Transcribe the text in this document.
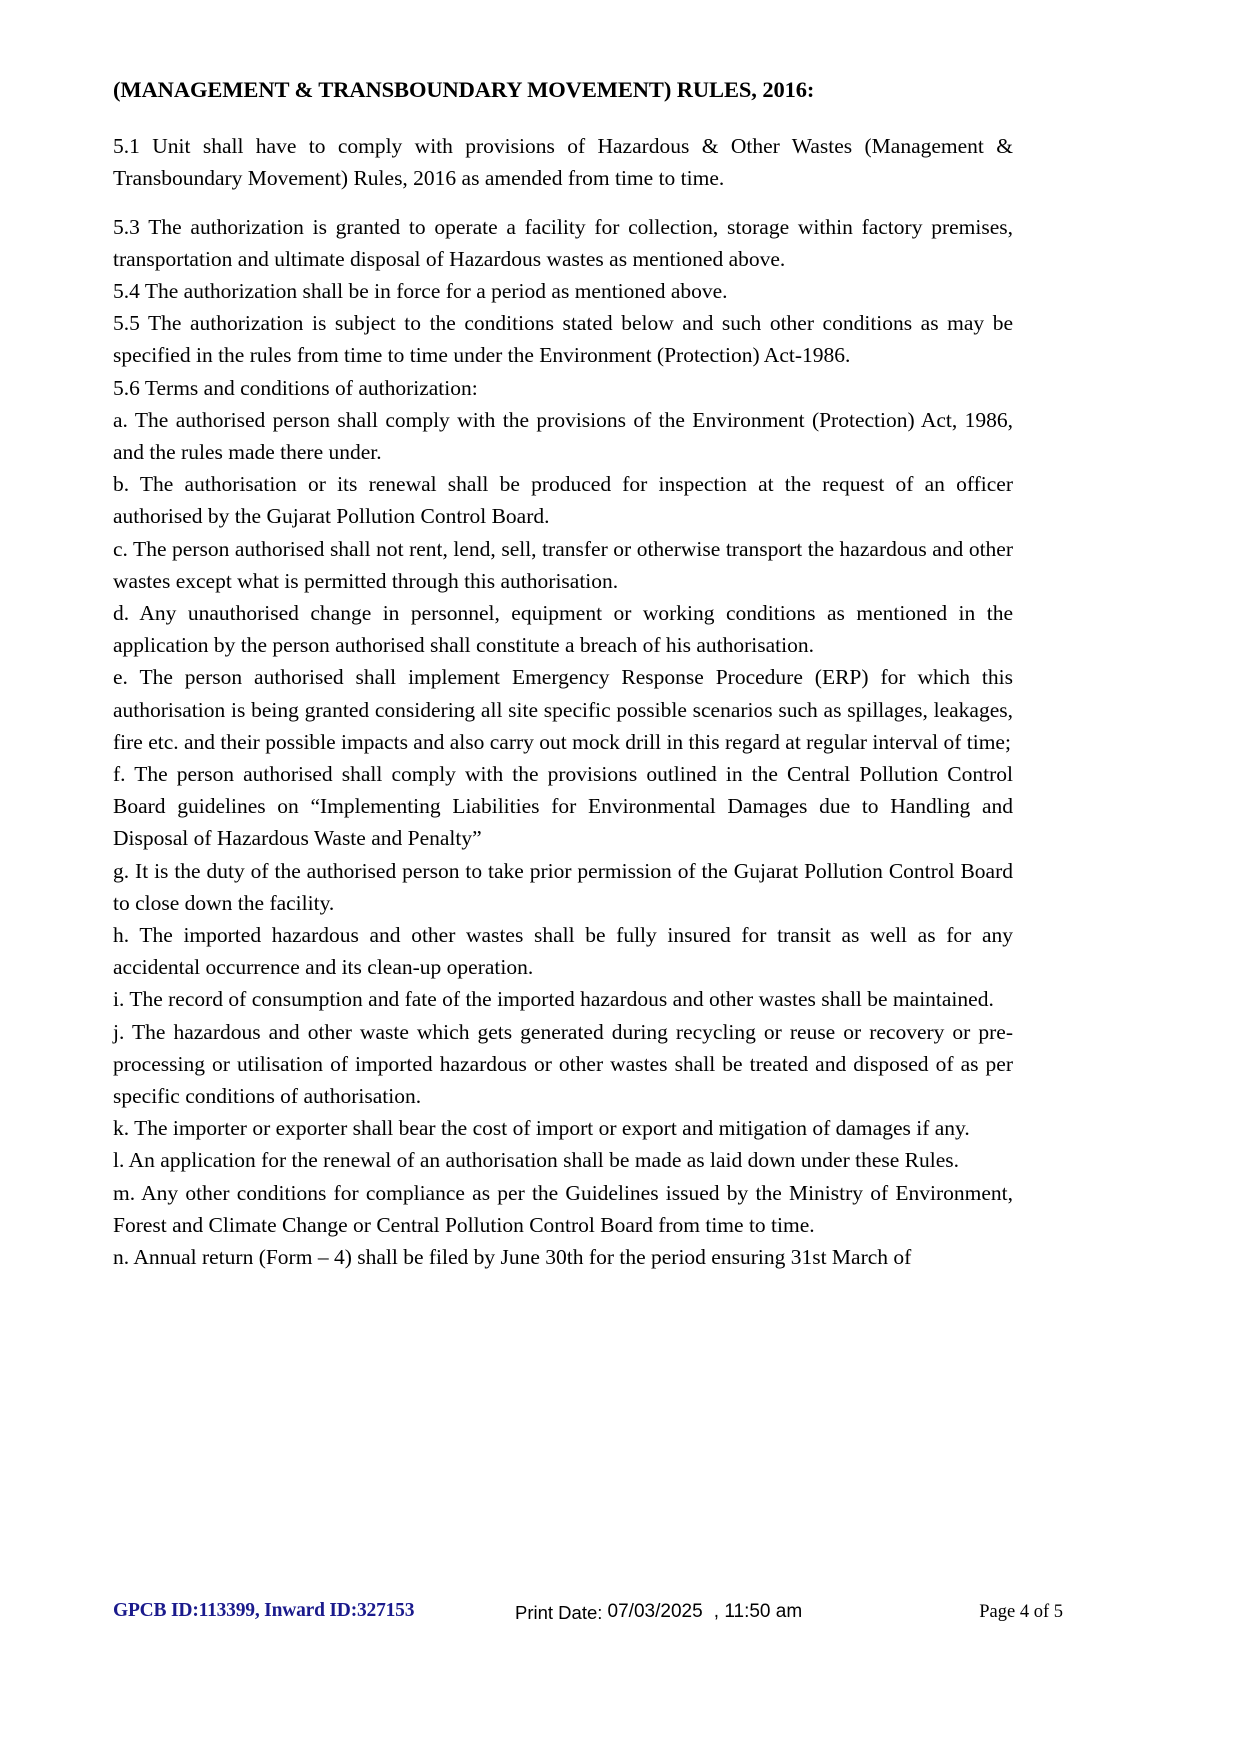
(MANAGEMENT & TRANSBOUNDARY MOVEMENT) RULES, 2016:

5.1 Unit shall have to comply with provisions of Hazardous & Other Wastes (Management & Transboundary Movement) Rules, 2016 as amended from time to time.

5.3 The authorization is granted to operate a facility for collection, storage within factory premises, transportation and ultimate disposal of Hazardous wastes as mentioned above.

5.4 The authorization shall be in force for a period as mentioned above.

5.5 The authorization is subject to the conditions stated below and such other conditions as may be specified in the rules from time to time under the Environment (Protection) Act-1986.

5.6 Terms and conditions of authorization:

a. The authorised person shall comply with the provisions of the Environment (Protection) Act, 1986, and the rules made there under.

b. The authorisation or its renewal shall be produced for inspection at the request of an officer authorised by the Gujarat Pollution Control Board.

c. The person authorised shall not rent, lend, sell, transfer or otherwise transport the hazardous and other wastes except what is permitted through this authorisation.

d. Any unauthorised change in personnel, equipment or working conditions as mentioned in the application by the person authorised shall constitute a breach of his authorisation.

e. The person authorised shall implement Emergency Response Procedure (ERP) for which this authorisation is being granted considering all site specific possible scenarios such as spillages, leakages, fire etc. and their possible impacts and also carry out mock drill in this regard at regular interval of time;

f. The person authorised shall comply with the provisions outlined in the Central Pollution Control Board guidelines on “Implementing Liabilities for Environmental Damages due to Handling and Disposal of Hazardous Waste and Penalty”

g. It is the duty of the authorised person to take prior permission of the Gujarat Pollution Control Board to close down the facility.

h. The imported hazardous and other wastes shall be fully insured for transit as well as for any accidental occurrence and its clean-up operation.

i. The record of consumption and fate of the imported hazardous and other wastes shall be maintained.

j. The hazardous and other waste which gets generated during recycling or reuse or recovery or pre-processing or utilisation of imported hazardous or other wastes shall be treated and disposed of as per specific conditions of authorisation.

k. The importer or exporter shall bear the cost of import or export and mitigation of damages if any.

l. An application for the renewal of an authorisation shall be made as laid down under these Rules.

m. Any other conditions for compliance as per the Guidelines issued by the Ministry of Environment, Forest and Climate Change or Central Pollution Control Board from time to time.

n. Annual return (Form – 4) shall be filed by June 30th for the period ensuring 31st March of

GPCB ID:113399, Inward ID:327153	Print Date: 07/03/2025 , 11:50 am	Page 4 of 5
